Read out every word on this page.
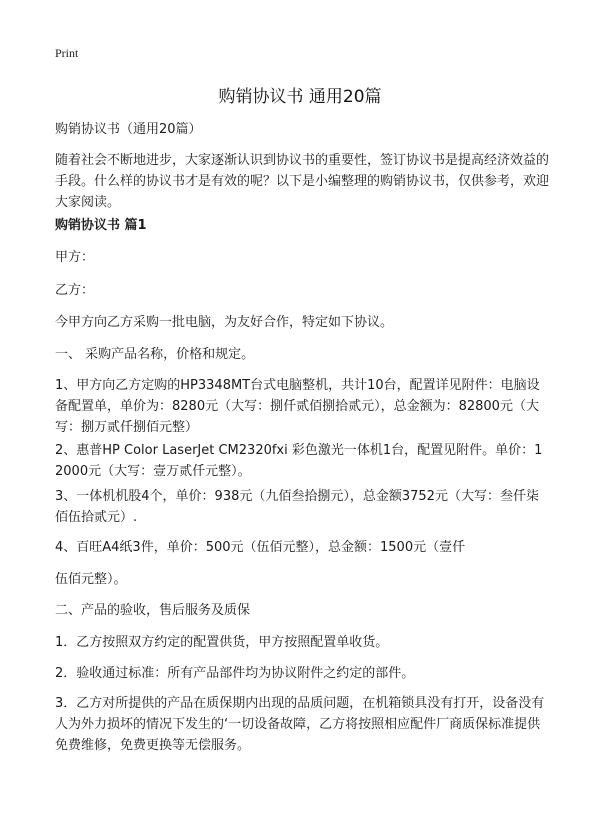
Print
购销协议书 通用20篇

购销协议书（通用20篇）

随着社会不断地进步，大家逐渐认识到协议书的重要性，签订协议书是提高经济效益的手段。什么样的协议书才是有效的呢？以下是小编整理的购销协议书，仅供参考，欢迎大家阅读。

购销协议书 篇1

甲方：

乙方：

今甲方向乙方采购一批电脑，为友好合作，特定如下协议。

一、 采购产品名称，价格和规定。

1、甲方向乙方定购的HP3348MT台式电脑整机，共计10台，配置详见附件：电脑设备配置单，单价为：8280元（大写：捌仟贰佰捌拾贰元），总金额为：82800元（大写：捌万贰仟捌佰元整）

2、惠普HP Color LaserJet CM2320fxi 彩色激光一体机1台，配置见附件。单价：12000元（大写：壹万贰仟元整）。

3、一体机机股4个，单价：938元（九佰叁拾捌元），总金额3752元（大写：叁仟柒佰伍拾贰元）.

4、百旺A4纸3件，单价：500元（伍佰元整），总金额：1500元（壹仟

伍佰元整）。

二、产品的验收，售后服务及质保

1．乙方按照双方约定的配置供货，甲方按照配置单收货。

2．验收通过标准：所有产品部件均为协议附件之约定的部件。

3．乙方对所提供的产品在质保期内出现的品质问题，在机箱锁具没有打开，设备没有人为外力损坏的情况下发生的‘一切设备故障，乙方将按照相应配件厂商质保标准提供免费维修，免费更换等无偿服务。
